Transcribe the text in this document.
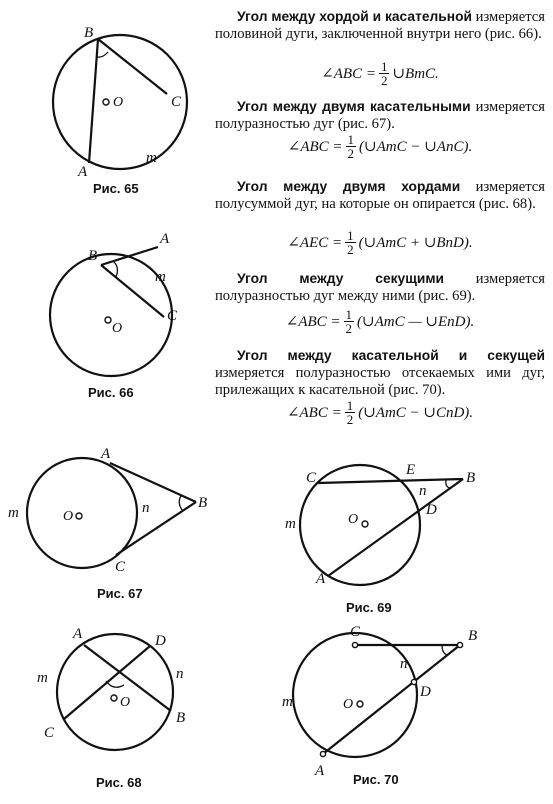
O
B
C
A
m
Рис. 65
O
B
A
m
C
Рис. 66
O
A
B
C
m	n
Рис. 67
O
A	D
C
B
m	n
Рис. 68
O
C	E	B
n
D
m
A
Рис. 69
O
C	B
n
D
m
A
Рис. 70
Угол между хордой и касательной измеряется половиной дуги, заключенной внутри него (рис. 66).
∠ABC = $\frac{1}{2}$ ∪BmC.
Угол между двумя касательными измеряется полуразностью дуг (рис. 67).
∠ABC = $\frac{1}{2}$ (∪AmC − ∪AnC).
Угол между двумя хордами измеряется полусуммой дуг, на которые он опирается (рис. 68).
∠AEC = $\frac{1}{2}$ (∪AmC + ∪BnD).
Угол между секущими измеряется полуразностью дуг между ними (рис. 69).
∠ABC = $\frac{1}{2}$ (∪AmC — ∪EnD).
Угол между касательной и секущей измеряется полуразностью отсекаемых ими дуг, прилежащих к касательной (рис. 70).
∠ABC = $\frac{1}{2}$ (∪AmC − ∪CnD).
